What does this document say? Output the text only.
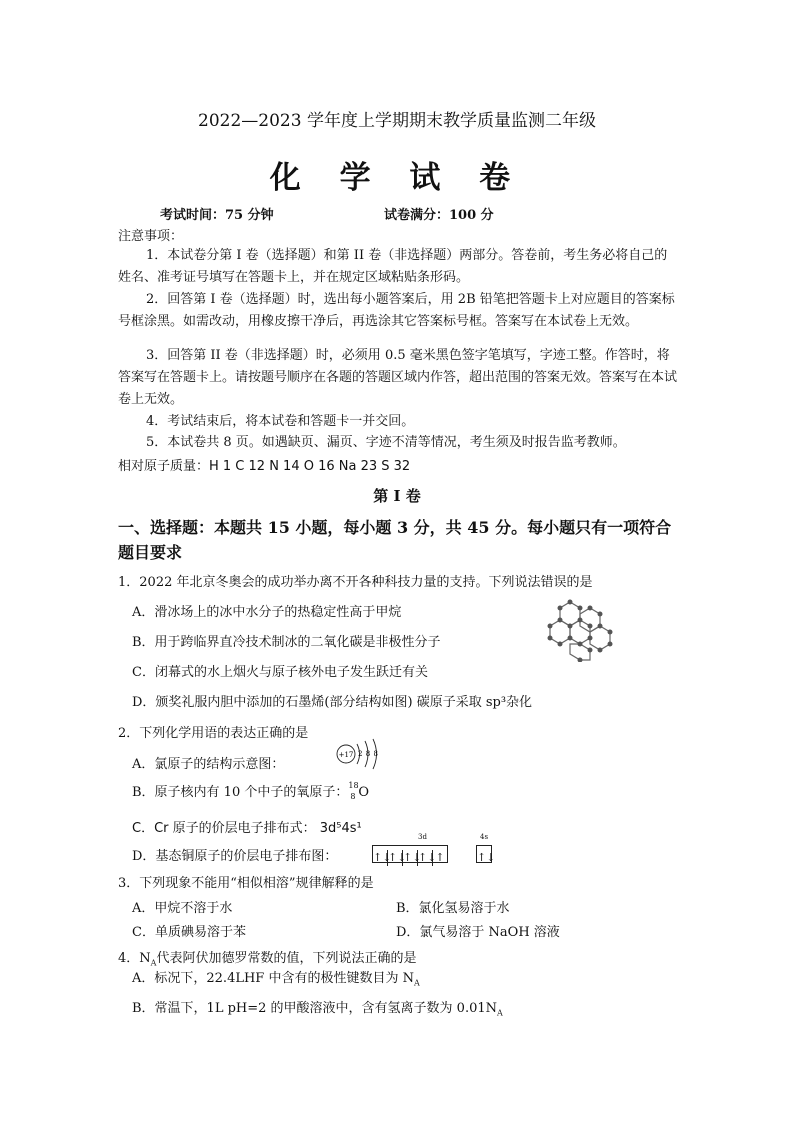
2022—2023 学年度上学期期末教学质量监测二年级
化 学 试 卷
考试时间：75 分钟	试卷满分：100 分
注意事项：
1．本试卷分第 I 卷（选择题）和第 II 卷（非选择题）两部分。答卷前，考生务必将自己的姓名、准考证号填写在答题卡上，并在规定区域粘贴条形码。
2．回答第 I 卷（选择题）时，选出每小题答案后，用 2B 铅笔把答题卡上对应题目的答案标号框涂黑。如需改动，用橡皮擦干净后，再选涂其它答案标号框。答案写在本试卷上无效。
3．回答第 II 卷（非选择题）时，必须用 0.5 毫米黑色签字笔填写，字迹工整。作答时，将答案写在答题卡上。请按题号顺序在各题的答题区域内作答，超出范围的答案无效。答案写在本试卷上无效。
4．考试结束后，将本试卷和答题卡一并交回。
5．本试卷共 8 页。如遇缺页、漏页、字迹不清等情况，考生须及时报告监考教师。
相对原子质量：H 1 C 12 N 14 O 16 Na 23 S 32
第 Ⅰ 卷
一、选择题：本题共 15 小题，每小题 3 分，共 45 分。每小题只有一项符合题目要求
1．2022 年北京冬奥会的成功举办离不开各种科技力量的支持。下列说法错误的是
A．滑冰场上的冰中水分子的热稳定性高于甲烷
B．用于跨临界直冷技术制冰的二氧化碳是非极性分子
C．闭幕式的水上烟火与原子核外电子发生跃迁有关
D．颁奖礼服内胆中添加的石墨烯(部分结构如图) 碳原子采取 sp³杂化
2．下列化学用语的表达正确的是
A．氯原子的结构示意图：
+17 2 8 8
B．原子核内有 10 个中子的氧原子： 18
8 O
C．Cr 原子的价层电子排布式： 3d⁵4s¹
D．基态铜原子的价层电子排布图：
3d	4s
↑↓↑↓↑↓↑↓↑	↑↓
3．下列现象不能用“相似相溶”规律解释的是
A．甲烷不溶于水	B．氯化氢易溶于水
C．单质碘易溶于苯	D．氯气易溶于 NaOH 溶液
4．$N_A$代表阿伏加德罗常数的值，下列说法正确的是
A．标况下，22.4LHF 中含有的极性键数目为 $N_A$
B．常温下，1L pH=2 的甲酸溶液中，含有氢离子数为 $0.01N_A$
